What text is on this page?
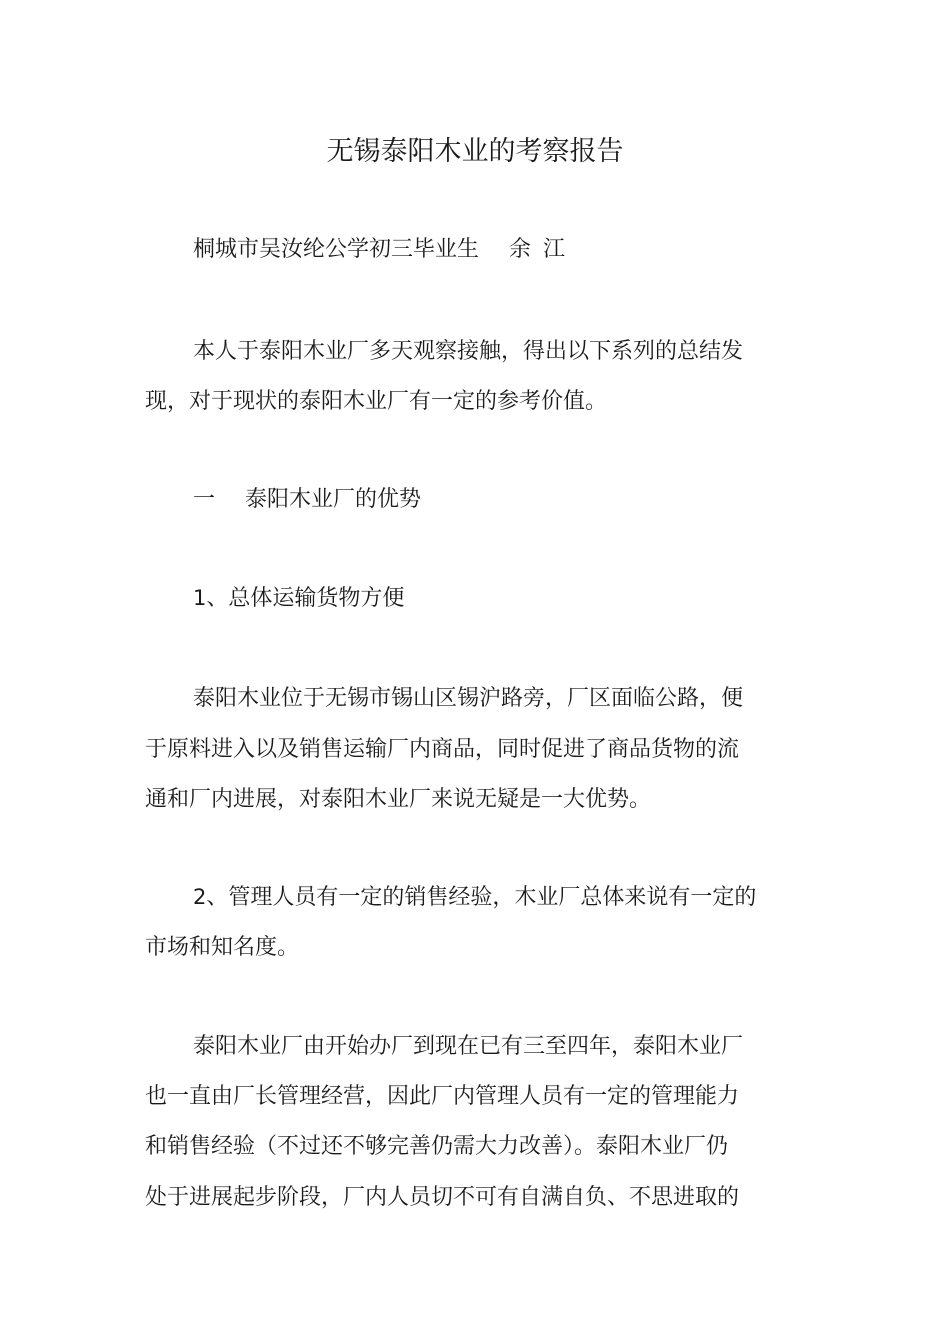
无锡泰阳木业的考察报告

桐城市吴汝纶公学初三毕业生 余 江

本人于泰阳木业厂多天观察接触，得出以下系列的总结发

现，对于现状的泰阳木业厂有一定的参考价值。

一 泰阳木业厂的优势

1、总体运输货物方便

泰阳木业位于无锡市锡山区锡沪路旁，厂区面临公路，便

于原料进入以及销售运输厂内商品，同时促进了商品货物的流

通和厂内进展，对泰阳木业厂来说无疑是一大优势。

2、管理人员有一定的销售经验，木业厂总体来说有一定的

市场和知名度。

泰阳木业厂由开始办厂到现在已有三至四年，泰阳木业厂

也一直由厂长管理经营，因此厂内管理人员有一定的管理能力

和销售经验（不过还不够完善仍需大力改善）。泰阳木业厂仍

处于进展起步阶段，厂内人员切不可有自满自负、不思进取的
